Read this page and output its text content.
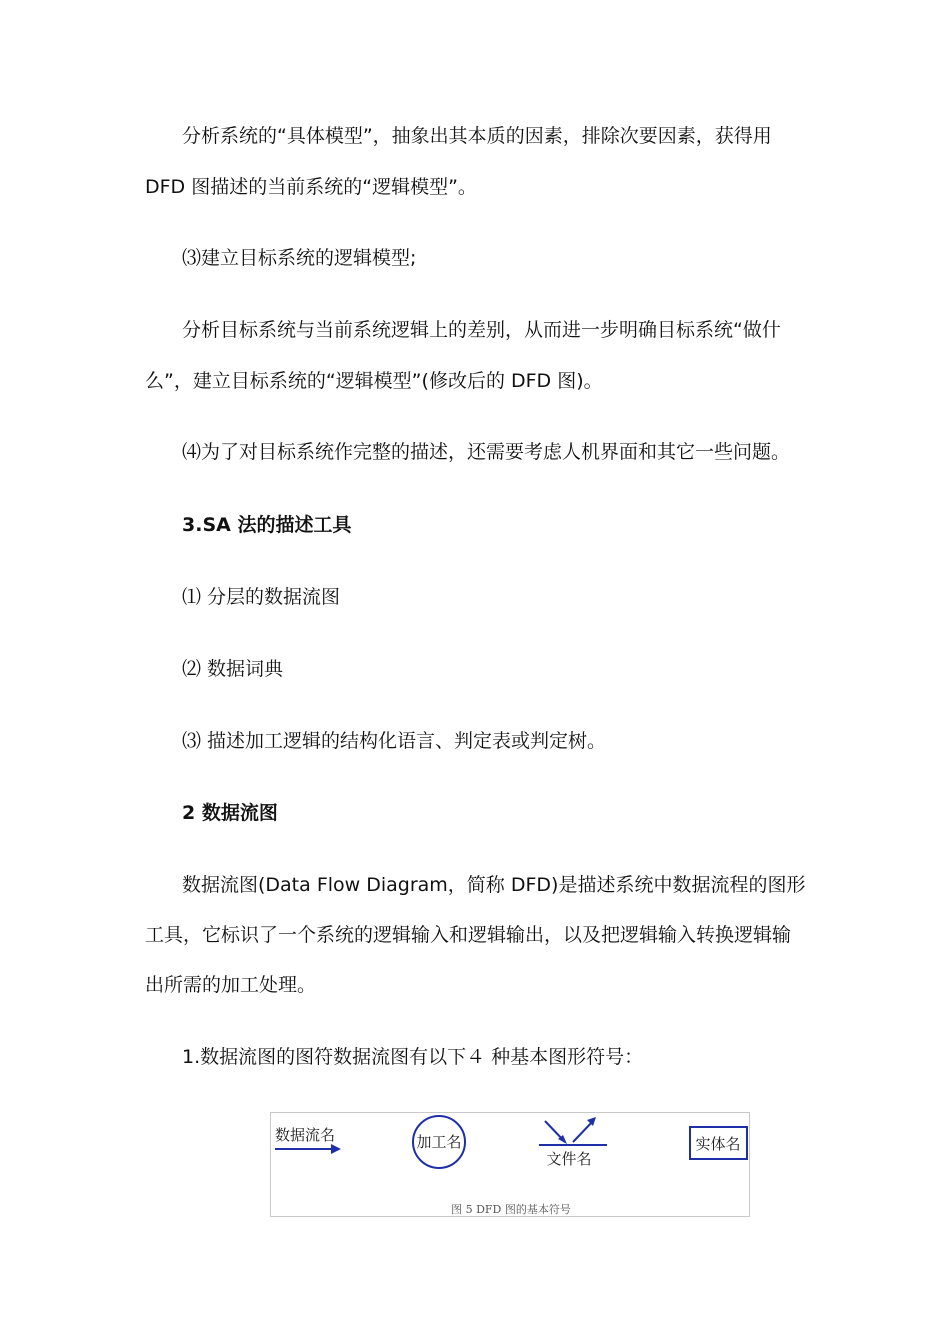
分析系统的“具体模型”，抽象出其本质的因素，排除次要因素，获得用
DFD 图描述的当前系统的“逻辑模型”。
⑶建立目标系统的逻辑模型;
分析目标系统与当前系统逻辑上的差别，从而进一步明确目标系统“做什
么”，建立目标系统的“逻辑模型”(修改后的 DFD 图)。
⑷为了对目标系统作完整的描述，还需要考虑人机界面和其它一些问题。
3.SA 法的描述工具
⑴ 分层的数据流图
⑵ 数据词典
⑶ 描述加工逻辑的结构化语言、判定表或判定树。
2 数据流图
数据流图(Data Flow Diagram，简称 DFD)是描述系统中数据流程的图形
工具，它标识了一个系统的逻辑输入和逻辑输出，以及把逻辑输入转换逻辑输
出所需的加工处理。
1.数据流图的图符数据流图有以下４ 种基本图形符号：
数据流名	加工名
文件名
实体名
图 5 DFD 图的基本符号
